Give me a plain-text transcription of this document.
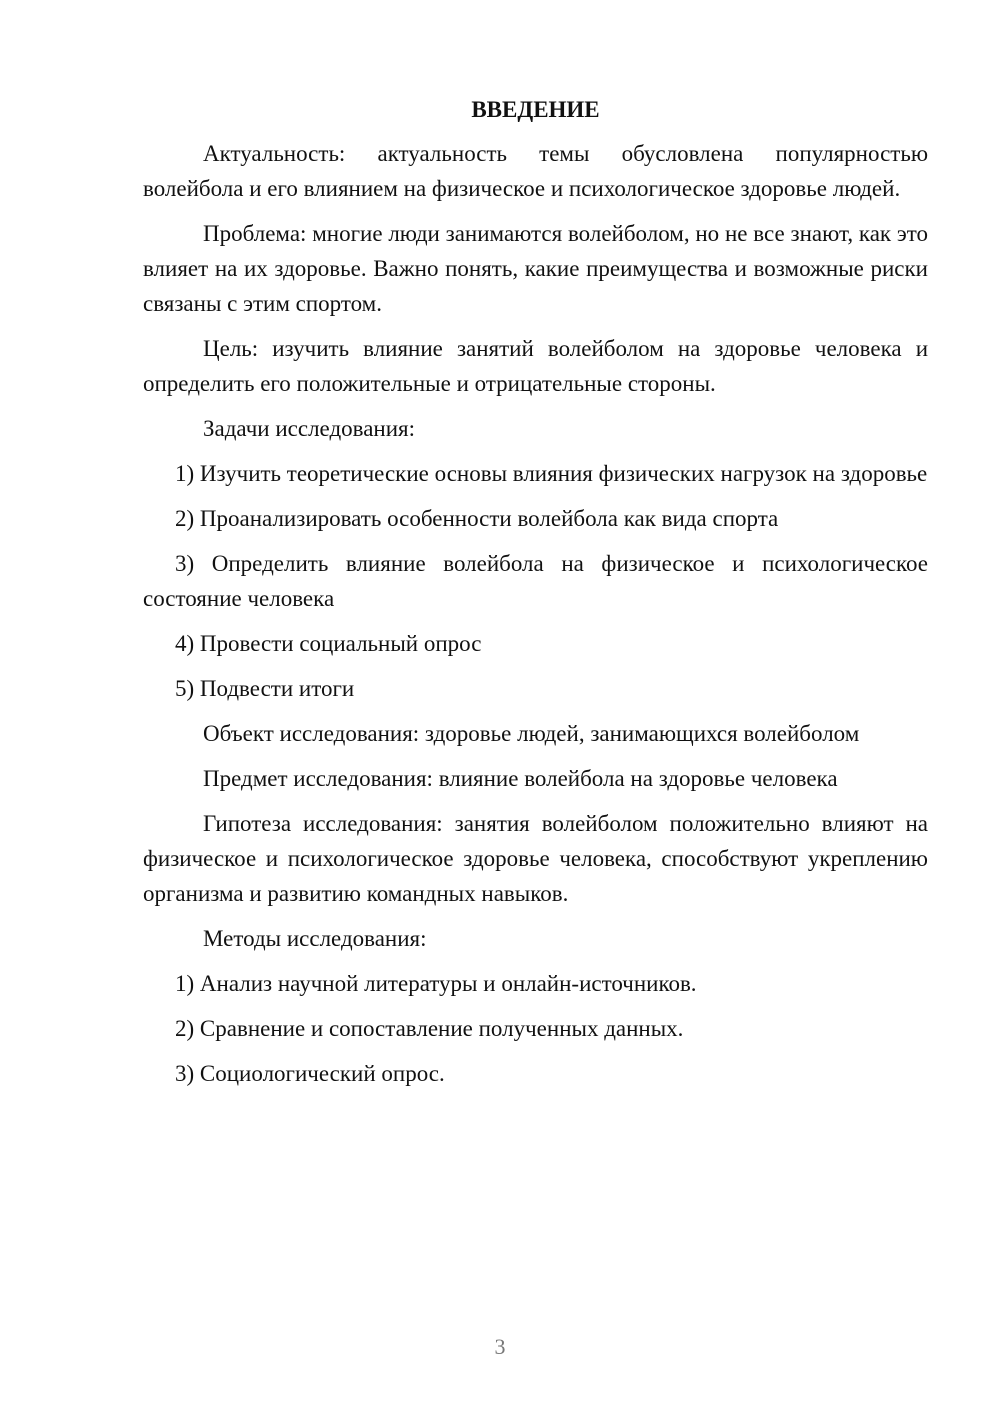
ВВЕДЕНИЕ

Актуальность: актуальность темы обусловлена популярностью волейбола и его влиянием на физическое и психологическое здоровье людей.

Проблема: многие люди занимаются волейболом, но не все знают, как это влияет на их здоровье. Важно понять, какие преимущества и возможные риски связаны с этим спортом.

Цель: изучить влияние занятий волейболом на здоровье человека и определить его положительные и отрицательные стороны.

Задачи исследования:

1) Изучить теоретические основы влияния физических нагрузок на здоровье

2) Проанализировать особенности волейбола как вида спорта

3) Определить влияние волейбола на физическое и психологическое состояние человека

4) Провести социальный опрос

5) Подвести итоги

Объект исследования: здоровье людей, занимающихся волейболом

Предмет исследования: влияние волейбола на здоровье человека

Гипотеза исследования: занятия волейболом положительно влияют на физическое и психологическое здоровье человека, способствуют укреплению организма и развитию командных навыков.

Методы исследования:

1) Анализ научной литературы и онлайн-источников.

2) Сравнение и сопоставление полученных данных.

3) Социологический опрос.

3
